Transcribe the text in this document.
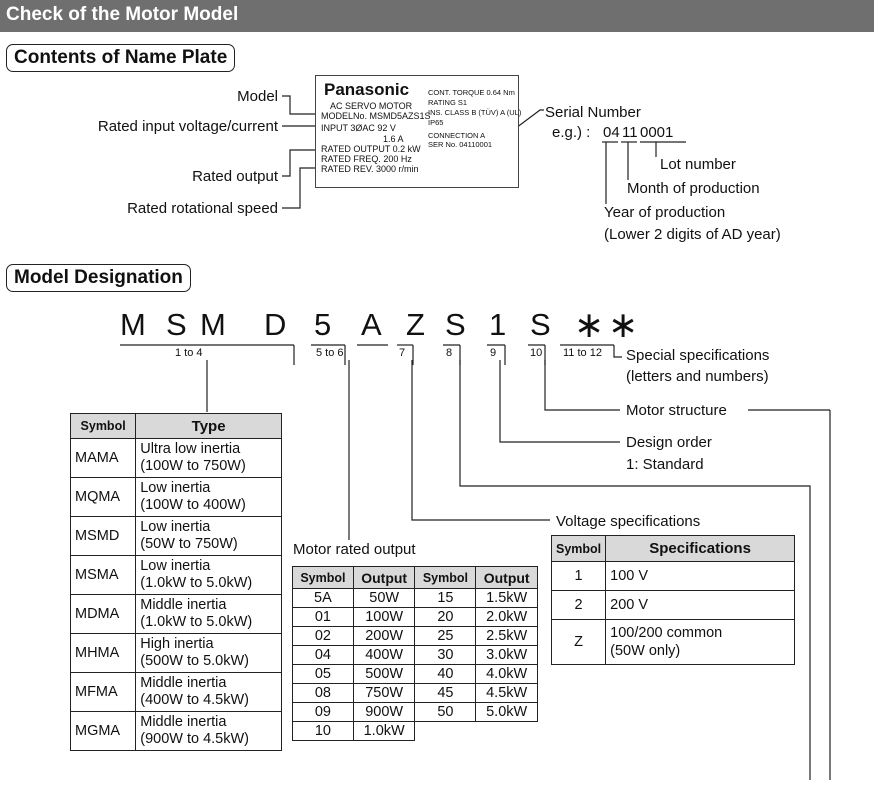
Check of the Motor Model
Contents of Name Plate
Model
Rated input voltage/current
Rated output
Rated rotational speed
Panasonic
AC SERVO MOTOR
MODELNo. MSMD5AZS1S
INPUT 3ØAC 92 V
1.6 A
RATED OUTPUT 0.2 kW
RATED FREQ. 200 Hz
RATED REV. 3000 r/min
CONT. TORQUE 0.64 Nm
RATING S1
INS. CLASS B (TÜV) A (UL)
IP65
CONNECTION A
SER No. 04110001
Serial Number
e.g.) : 04 11 0001
Lot number
Month of production
Year of production
(Lower 2 digits of AD year)
Model Designation
M S M D 5 A Z S 1 S ∗ ∗
1 to 4	5 to 6	7	8	9	10 11 to 12 Special specifications
(letters and numbers)
Motor structure
Design order
1: Standard
Voltage specifications
Motor rated output
Symbol	Type
MAMA	Ultra low inertia
(100W to 750W)

MQMA	Low inertia
(100W to 400W)

MSMD	Low inertia
(50W to 750W)

MSMA	Low inertia
(1.0kW to 5.0kW)

MDMA	Middle inertia
(1.0kW to 5.0kW)

MHMA	High inertia
(500W to 5.0kW)

MFMA	Middle inertia
(400W to 4.5kW)

MGMA	Middle inertia
(900W to 4.5kW)
Symbol	Output	Symbol	Output
5A	50W	15	1.5kW
01	100W	20	2.0kW
02	200W	25	2.5kW
04	400W	30	3.0kW
05	500W	40	4.0kW
08	750W	45	4.5kW
09	900W	50	5.0kW
10	1.0kW		
Symbol	Specifications
1	100 V
2	200 V
Z	100/200 common
(50W only)
